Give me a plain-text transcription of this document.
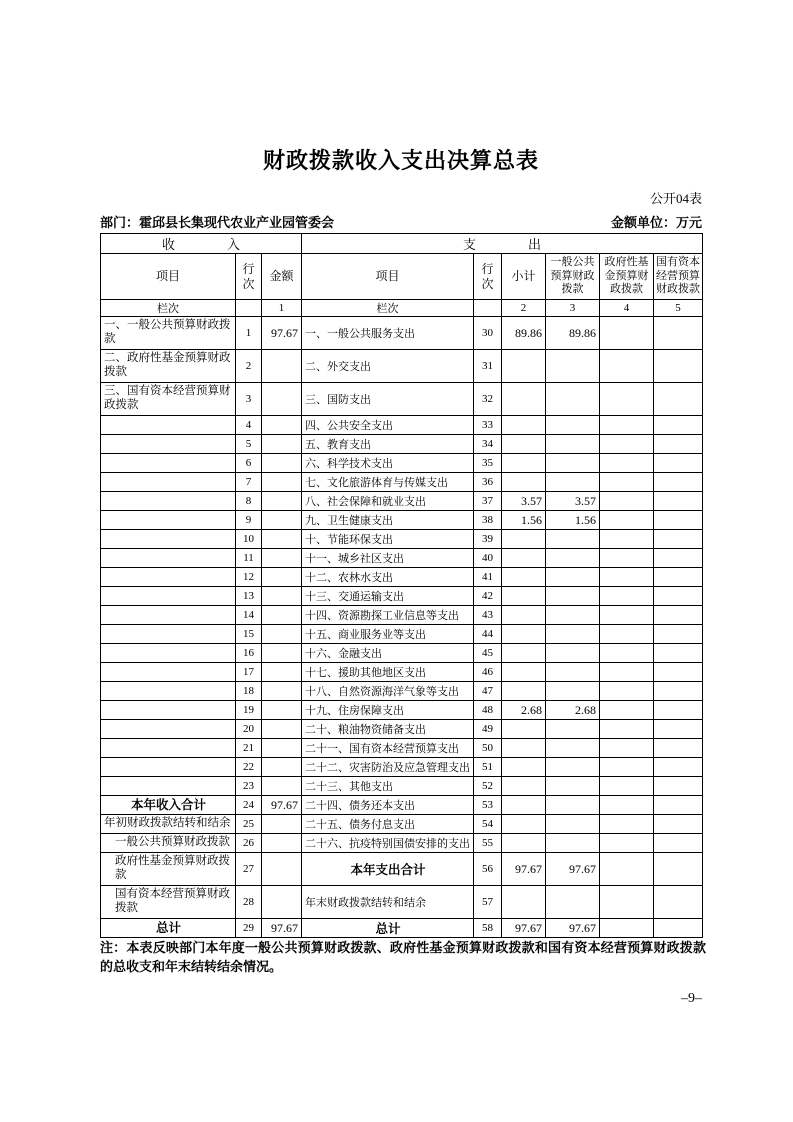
财政拨款收入支出决算总表
公开04表
部门：霍邱县长集现代农业产业园管委会	金额单位：万元
收　　　　入			支　　　　出					
项目	行次	金额	项目	行次	小计	一般公共预算财政拨款	政府性基金预算财政拨款	国有资本经营预算财政拨款
栏次		1	栏次		2	3	4	5
一、一般公共预算财政拨款	1	97.67	一、一般公共服务支出	30	89.86	89.86		
二、政府性基金预算财政拨款	2		二、外交支出	31				
三、国有资本经营预算财政拨款	3		三、国防支出	32				
	4		四、公共安全支出	33				
	5		五、教育支出	34				
	6		六、科学技术支出	35				
	7		七、文化旅游体育与传媒支出	36				
	8		八、社会保障和就业支出	37	3.57	3.57		
	9		九、卫生健康支出	38	1.56	1.56		
	10		十、节能环保支出	39				
	11		十一、城乡社区支出	40				
	12		十二、农林水支出	41				
	13		十三、交通运输支出	42				
	14		十四、资源勘探工业信息等支出	43				
	15		十五、商业服务业等支出	44				
	16		十六、金融支出	45				
	17		十七、援助其他地区支出	46				
	18		十八、自然资源海洋气象等支出	47				
	19		十九、住房保障支出	48	2.68	2.68		
	20		二十、粮油物资储备支出	49				
	21		二十一、国有资本经营预算支出	50				
	22		二十二、灾害防治及应急管理支出	51				
	23		二十三、其他支出	52				
本年收入合计	24	97.67	二十四、债务还本支出	53				
年初财政拨款结转和结余	25		二十五、债务付息支出	54				
一般公共预算财政拨款	26		二十六、抗疫特别国债安排的支出	55				
政府性基金预算财政拨款	27		本年支出合计	56	97.67	97.67		
国有资本经营预算财政拨款	28		年末财政拨款结转和结余	57				
总计	29	97.67	总计	58	97.67	97.67		
注：本表反映部门本年度一般公共预算财政拨款、政府性基金预算财政拨款和国有资本经营预算财政拨款的总收支和年末结转结余情况。
–9–
